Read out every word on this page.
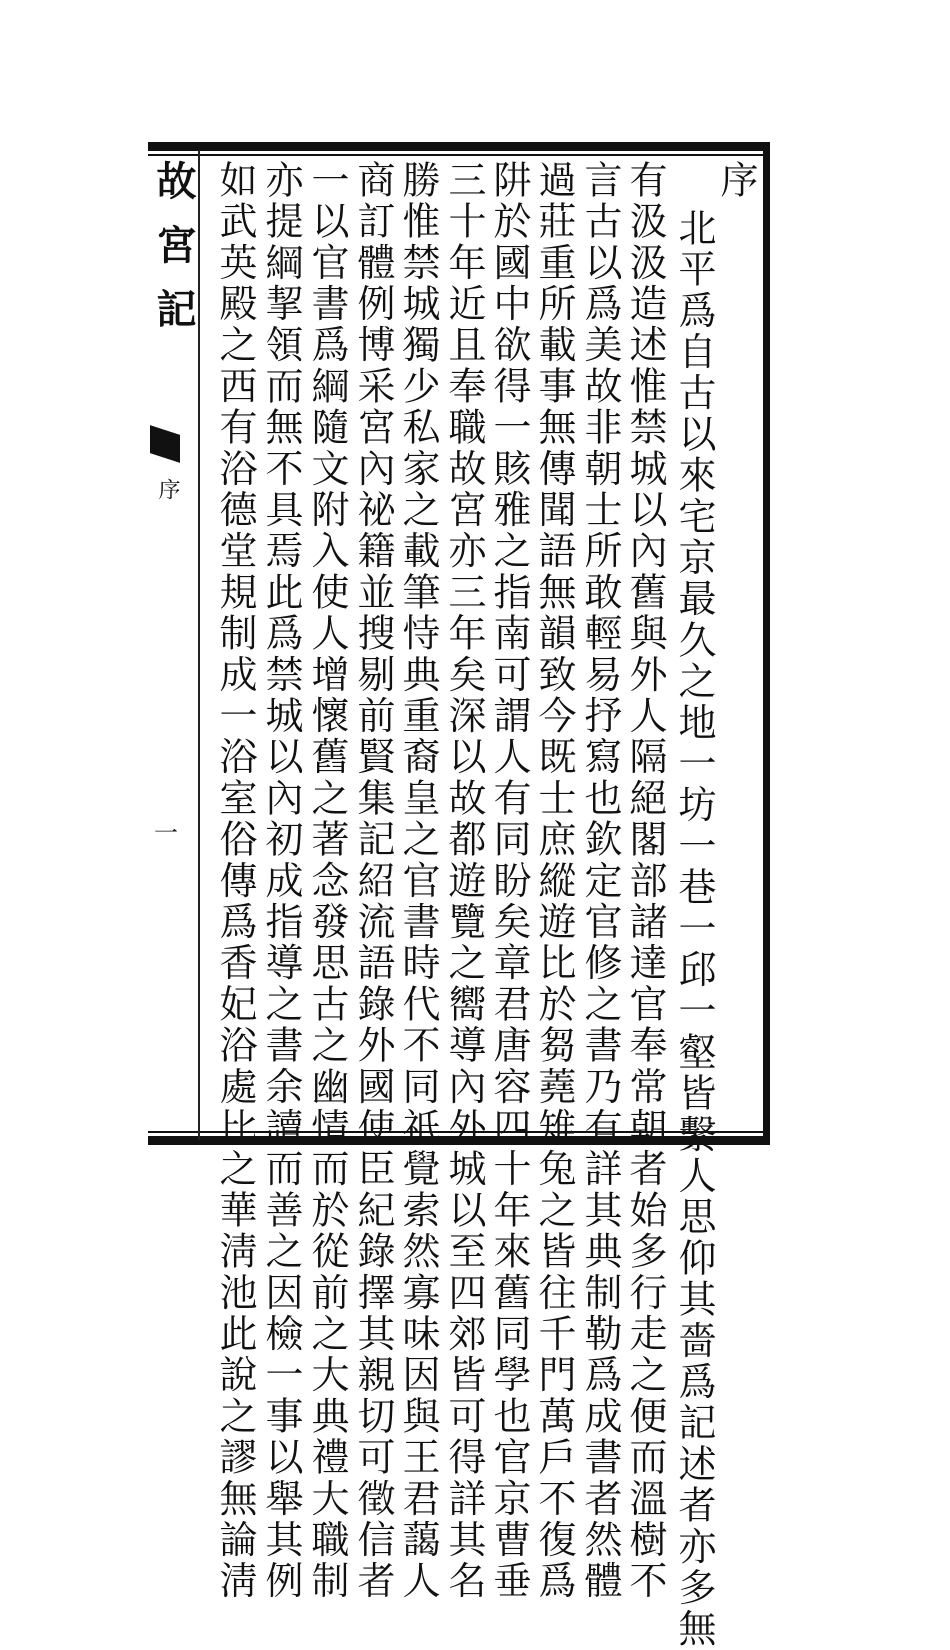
故宮記
序
一
序
北平爲自古以來宅京最久之地一坊一巷一邱一壑皆繫人思仰其嗇爲記述者亦多無
有汲汲造述惟禁城以內舊與外人隔絕閣部諸達官奉常朝者始多行走之便而溫樹不
言古以爲美故非朝士所敢輕易抒寫也欽定官修之書乃有詳其典制勒爲成書者然體
過莊重所載事無傳聞語無韻致今既士庶縱遊比於芻蕘雉兔之皆往千門萬戶不復爲
阱於國中欲得一賅雅之指南可謂人有同盼矣章君唐容四十年來舊同學也官京曹垂
三十年近且奉職故宮亦三年矣深以故都遊覽之嚮導內外城以至四郊皆可得詳其名
勝惟禁城獨少私家之載筆恃典重裔皇之官書時代不同祇覺索然寡味因與王君藹人
商訂體例博采宮內祕籍並搜剔前賢集記紹流語錄外國使臣紀錄擇其親切可徵信者
一以官書爲綱隨文附入使人增懷舊之著念發思古之幽情而於從前之大典禮大職制
亦提綱挈領而無不具焉此爲禁城以內初成指導之書余讀而善之因檢一事以舉其例
如武英殿之西有浴德堂規制成一浴室俗傳爲香妃浴處比之華淸池此說之謬無論淸
